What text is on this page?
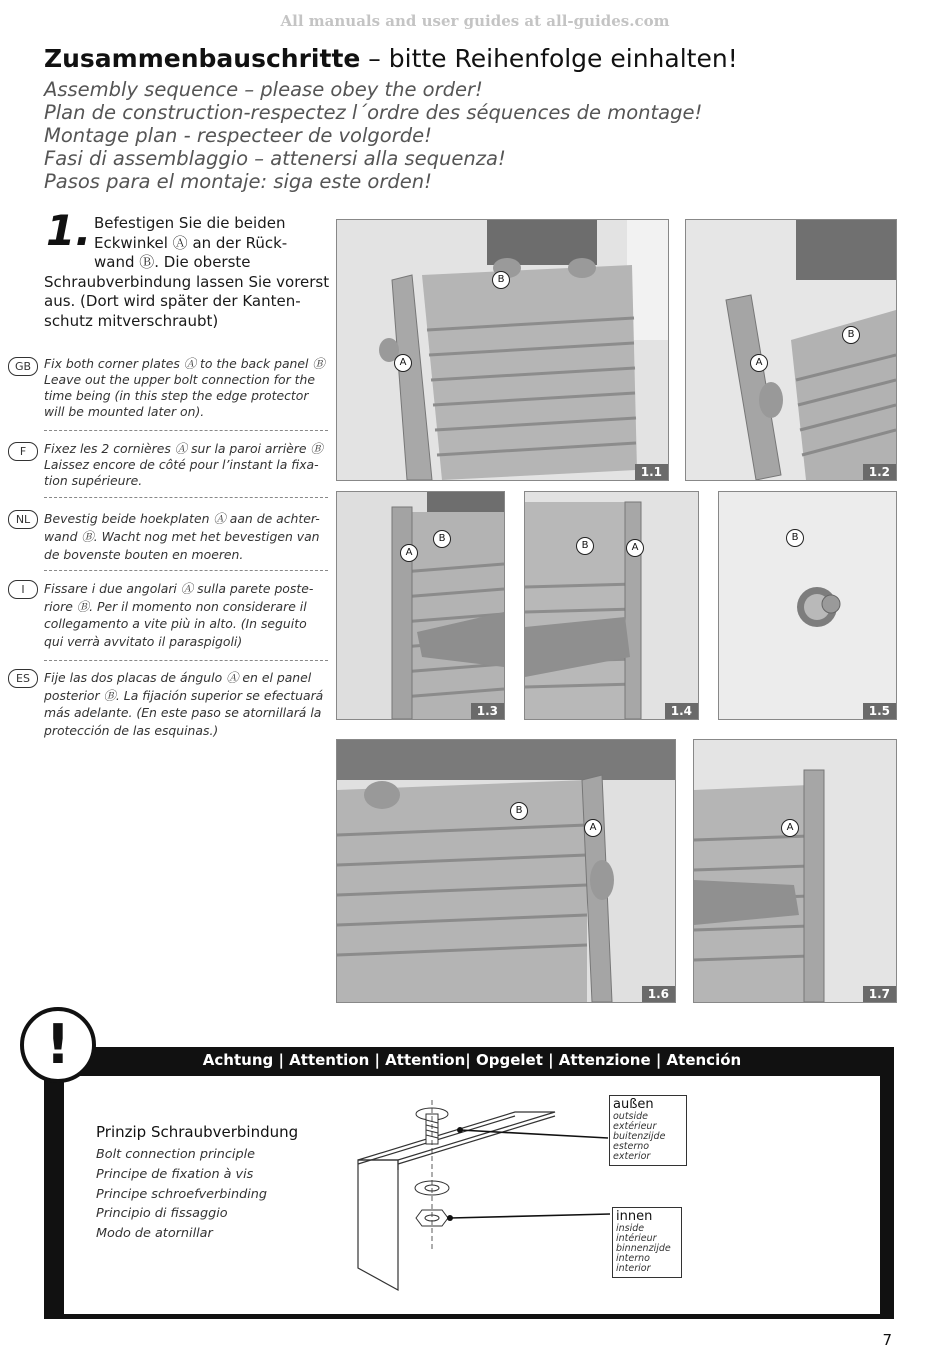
All manuals and user guides at all-guides.com
Zusammenbauschritte – bitte Reihenfolge einhalten!
Assembly sequence – please obey the order!
Plan de construction-respectez l´ordre des séquences de montage!
Montage plan - respecteer de volgorde!
Fasi di assemblaggio – attenersi alla sequenza!
Pasos para el montaje: siga este orden!
1. Befestigen Sie die beiden
Eckwinkel Ⓐ an der Rück-
wand Ⓑ. Die oberste
Schraubverbindung lassen Sie vorerst
aus. (Dort wird später der Kanten-
schutz mitverschraubt)
GB	Fix both corner plates Ⓐ to the back panel Ⓑ
Leave out the upper bolt connection for the
time being (in this step the edge protector
will be mounted later on).
F	Fixez les 2 cornières Ⓐ sur la paroi arrière Ⓑ
Laissez encore de côté pour l’instant la fixa-
tion supérieure.
NL	Bevestig beide hoekplaten Ⓐ aan de achter-
wand Ⓑ. Wacht nog met het bevestigen van
de bovenste bouten en moeren.
I	Fissare i due angolari Ⓐ sulla parete poste-
riore Ⓑ. Per il momento non considerare il
collegamento a vite più in alto. (In seguito
qui verrà avvitato il paraspigoli)
ES	Fije las dos placas de ángulo Ⓐ en el panel
posterior Ⓑ. La fijación superior se efectuará
más adelante. (En este paso se atornillará la
protección de las esquinas.)
B
A
1.1
B
A
1.2
B
A
1.3
B	A
1.4
B
1.5
B
A
1.6
A
1.7
Achtung | Attention | Attention| Opgelet | Attenzione | Atención
!
Prinzip Schraubverbindung
Bolt connection principle
Principe de fixation à vis
Principe schroefverbinding
Principio di fissaggio
Modo de atornillar
außen
outside
extérieur
buitenzijde
esterno
exterior
innen
inside
intérieur
binnenzijde
interno
interior
7
